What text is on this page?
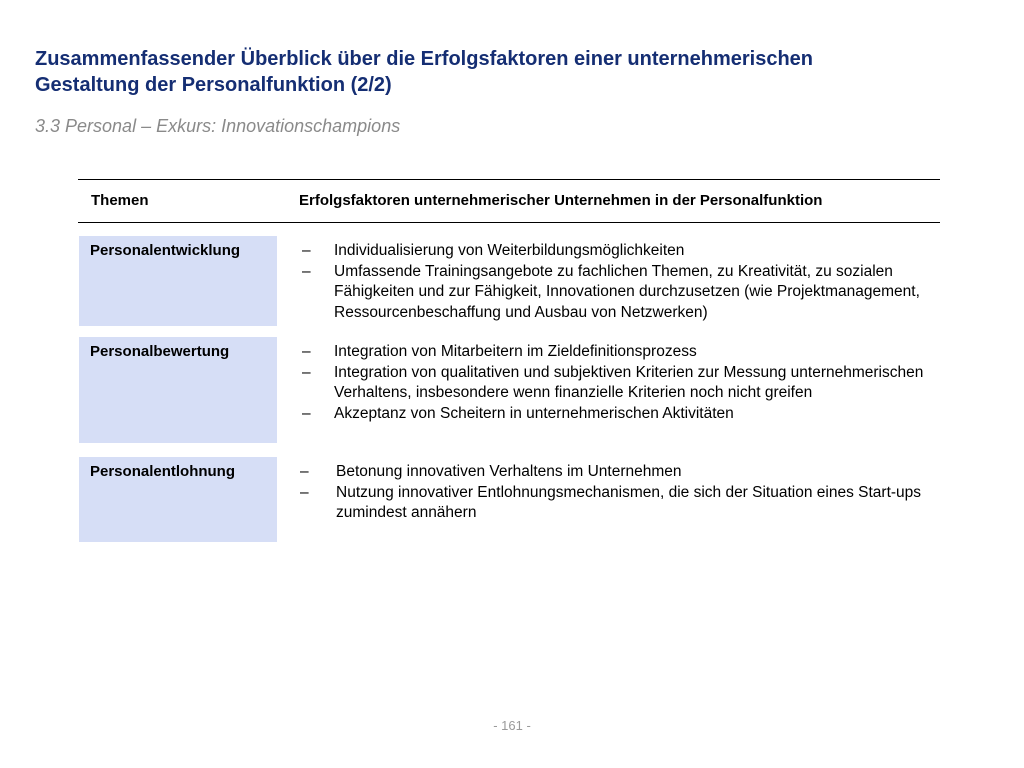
Zusammenfassender Überblick über die Erfolgsfaktoren einer unternehmerischen
Gestaltung der Personalfunktion (2/2)
3.3 Personal – Exkurs: Innovationschampions
Themen	Erfolgsfaktoren unternehmerischer Unternehmen in der Personalfunktion
Personalentwicklung	– Individualisierung von Weiterbildungsmöglichkeiten
– Umfassende Trainingsangebote zu fachlichen Themen, zu Kreativität, zu sozialen Fähigkeiten und zur Fähigkeit, Innovationen durchzusetzen (wie Projektmanagement, Ressourcenbeschaffung und Ausbau von Netzwerken)
Personalbewertung	– Integration von Mitarbeitern im Zieldefinitionsprozess
– Integration von qualitativen und subjektiven Kriterien zur Messung unternehmerischen Verhaltens, insbesondere wenn finanzielle Kriterien noch nicht greifen
– Akzeptanz von Scheitern in unternehmerischen Aktivitäten
Personalentlohnung	– Betonung innovativen Verhaltens im Unternehmen
– Nutzung innovativer Entlohnungsmechanismen, die sich der Situation eines Start-ups zumindest annähern
- 161 -
